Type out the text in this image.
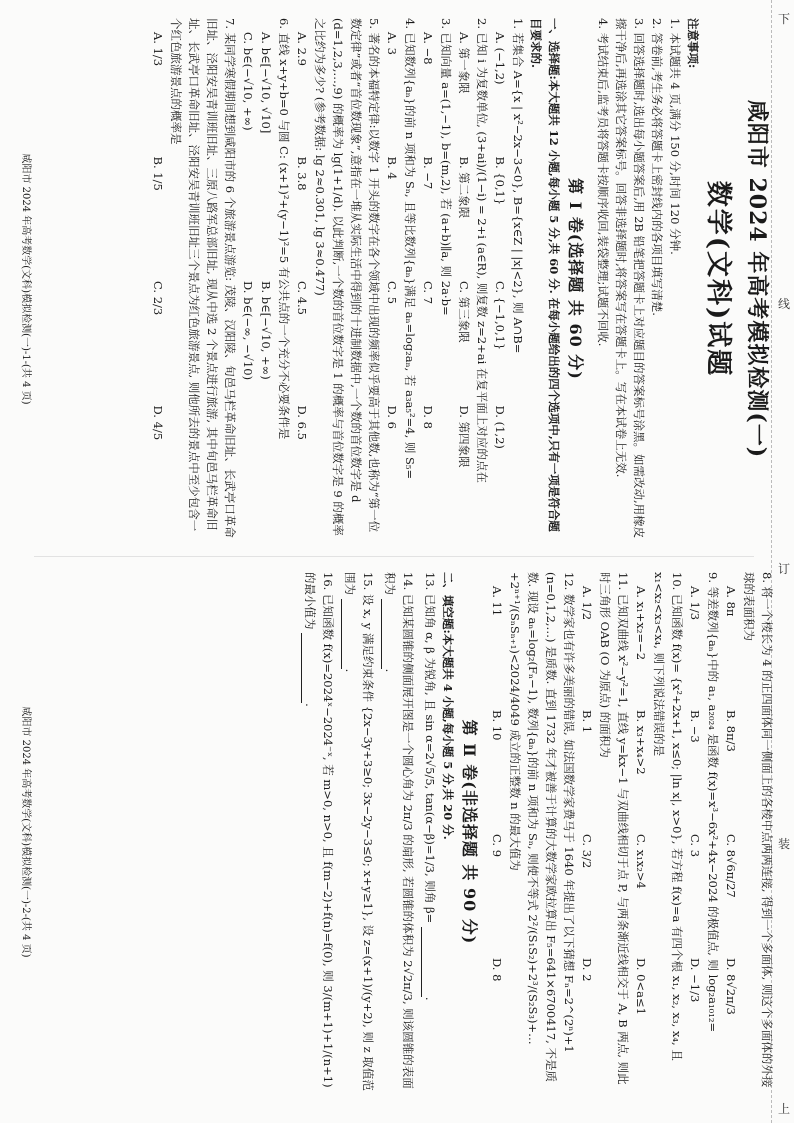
下
线
订
装
上
咸阳市 2024 年高考模拟检测(一)
数学(文科)试题

注意事项:

1. 本试题共 4 页,满分 150 分,时间 120 分钟.

2. 答卷前,考生务必将答题卡上密封线内的各项目填写清楚.

3. 回答选择题时,选出每小题答案后,用 2B 铅笔把答题卡上对应题目的答案标号涂黑。如需改动,用橡皮擦干净后,再选涂其它答案标号。回答非选择题时,将答案写在答题卡上。写在本试卷上无效.

4. 考试结束后,监考员将答题卡按顺序收回,装袋整理;试题不回收.

第 Ⅰ 卷(选择题 共 60 分)

一、选择题:本大题共 12 小题,每小题 5 分,共 60 分. 在每小题给出的四个选项中,只有一项是符合题目要求的.

1. 若集合 A={x | x²−2x−3<0}, B={x∈Z | |x|<2}, 则 A∩B=

A. (−1,2)
B. {0,1}
C. {−1,0,1}
D. (1,2)

2. 已知 i 为复数单位, (3+ai)/(1−i) = 2+i (a∈R), 则复数 z=2+ai 在复平面上对应的点在

A. 第一象限
B. 第二象限
C. 第三象限
D. 第四象限

3. 已知向量 a=(1,−1), b=(m,2), 若 (a+b)∥a, 则 2a·b=

A. −8
B. −7
C. 7
D. 8

4. 已知数列{aₙ}的前 n 项和为 Sₙ, 且等比数列{aₙ}满足 aₙ=log₂aₙ, 若 a₃a₅²=4, 则 S₅=

A. 3
B. 4
C. 5
D. 6

5. 著名的本福特定律:以数字 1 开头的数字在各个领域中出现的频率似乎要高于其他数,也称为“第一位数定律”或者“首位数现象”,意指在一堆从实际生活中得到的十进制数据中,一个数的首位数字是 d (d=1,2,3,…,9) 的概率为 lg(1+1/d). 以此判断,一个数的首位数字是 1 的概率与首位数字是 9 的概率之比约为多少? (参考数据: lg 2≈0.301, lg 3≈0.477)

A. 2.9
B. 3.8
C. 4.5
D. 6.5

6. 直线 x+y+b=0 与圆 C: (x+1)²+(y−1)²=5 有公共点的一个充分不必要条件是

A. b∈[−√10, √10]
B. b∈[−√10, +∞)
C. b∈(−√10, +∞)
D. b∈(−∞, −√10)

7. 某同学寒假期间想到咸阳市的 6 个旅游景点游览: 茂陵、汉阳陵、旬邑马栏革命旧址、长武亭口革命旧址、泾阳安吴青训班旧址、三原八路军总部旧址, 现从中选 2 个景点进行旅游, 其中旬邑马栏革命旧址、长武亭口革命旧址、泾阳安吴青训班旧址三个景点为红色旅游景点, 则他所去的景点中至少包含一个红色旅游景点的概率是

A. 1/3
B. 1/5
C. 2/3
D. 4/5
咸阳市 2024 年高考数学(文科)模拟检测(一)-1-(共 4 页)

8. 将一个棱长为 4 的正四面体同一侧面上的各棱中点两两连接, 得到一个多面体, 则这个多面体的外接球的表面积为

A. 8π
B. 8π/3
C. 8√6π/27
D. 8√2π/3

9. 等差数列{aₙ}中的 a₁, a₂₀₂₄ 是函数 f(x)=x³−6x²+4x−2024 的极值点, 则 log₂a₁₀₁₂=

A. 1/3
B. −3
C. 3
D. −1/3

10. 已知函数 f(x)= {x²+2x+1, x≤0; |ln x|, x>0}, 若方程 f(x)=a 有四个根 x₁, x₂, x₃, x₄, 且 x₁<x₂<x₃<x₄, 则下列说法错误的是

A. x₁+x₂=−2
B. x₃+x₄>2
C. x₁x₂>4
D. 0<a≤1

11. 已知双曲线 x²−y²=1, 直线 y=kx−1 与双曲线相切于点 P, 与两条渐近线相交于 A, B 两点, 则此时三角形 OAB (O 为原点) 的面积为

A. 1/2
B. 1
C. 3/2
D. 2

12. 数学家也有许多美丽的错误, 如法国数学家费马于 1640 年提出了以下猜想 Fₙ=2^(2ⁿ)+1 (n=0,1,2,…) 是质数. 直到 1732 年才被善于计算的大数学家欧拉算出 F₅=641×6700417, 不是质数. 现设 aₙ=log₂(Fₙ−1), 数列{aₙ}的前 n 项和为 Sₙ, 则使不等式 2²/(S₁S₂)+2³/(S₂S₃)+…+2ⁿ⁺¹/(SₙSₙ₊₁)<2024/4049 成立的正整数 n 的最大值为

A. 11
B. 10
C. 9
D. 8
第 Ⅱ 卷(非选择题 共 90 分)

二、填空题:本大题共 4 小题,每小题 5 分,共 20 分.

13. 已知角 α, β 为锐角, 且 sin α=2√5/5, tan(α−β)=1/3, 则角 β= .

14. 已知某圆锥的侧面展开图是一个圆心角为 2π/3 的扇形, 若圆锥的体积为 2√2π/3, 则该圆锥的表面积为 .

15. 设 x, y 满足约束条件 {2x−3y+3≥0; 3x−2y−3≤0; x+y≥1}, 设 z=(x+1)/(y+2), 则 z 取值范围为 .

16. 已知函数 f(x)=2024ˣ−2024⁻ˣ, 若 m>0, n>0, 且 f(m−2)+f(n)=f(0), 则 3/(m+1)+1/(n+1) 的最小值为 .

咸阳市 2024 年高考数学(文科)模拟检测(一)-2-(共 4 页)
